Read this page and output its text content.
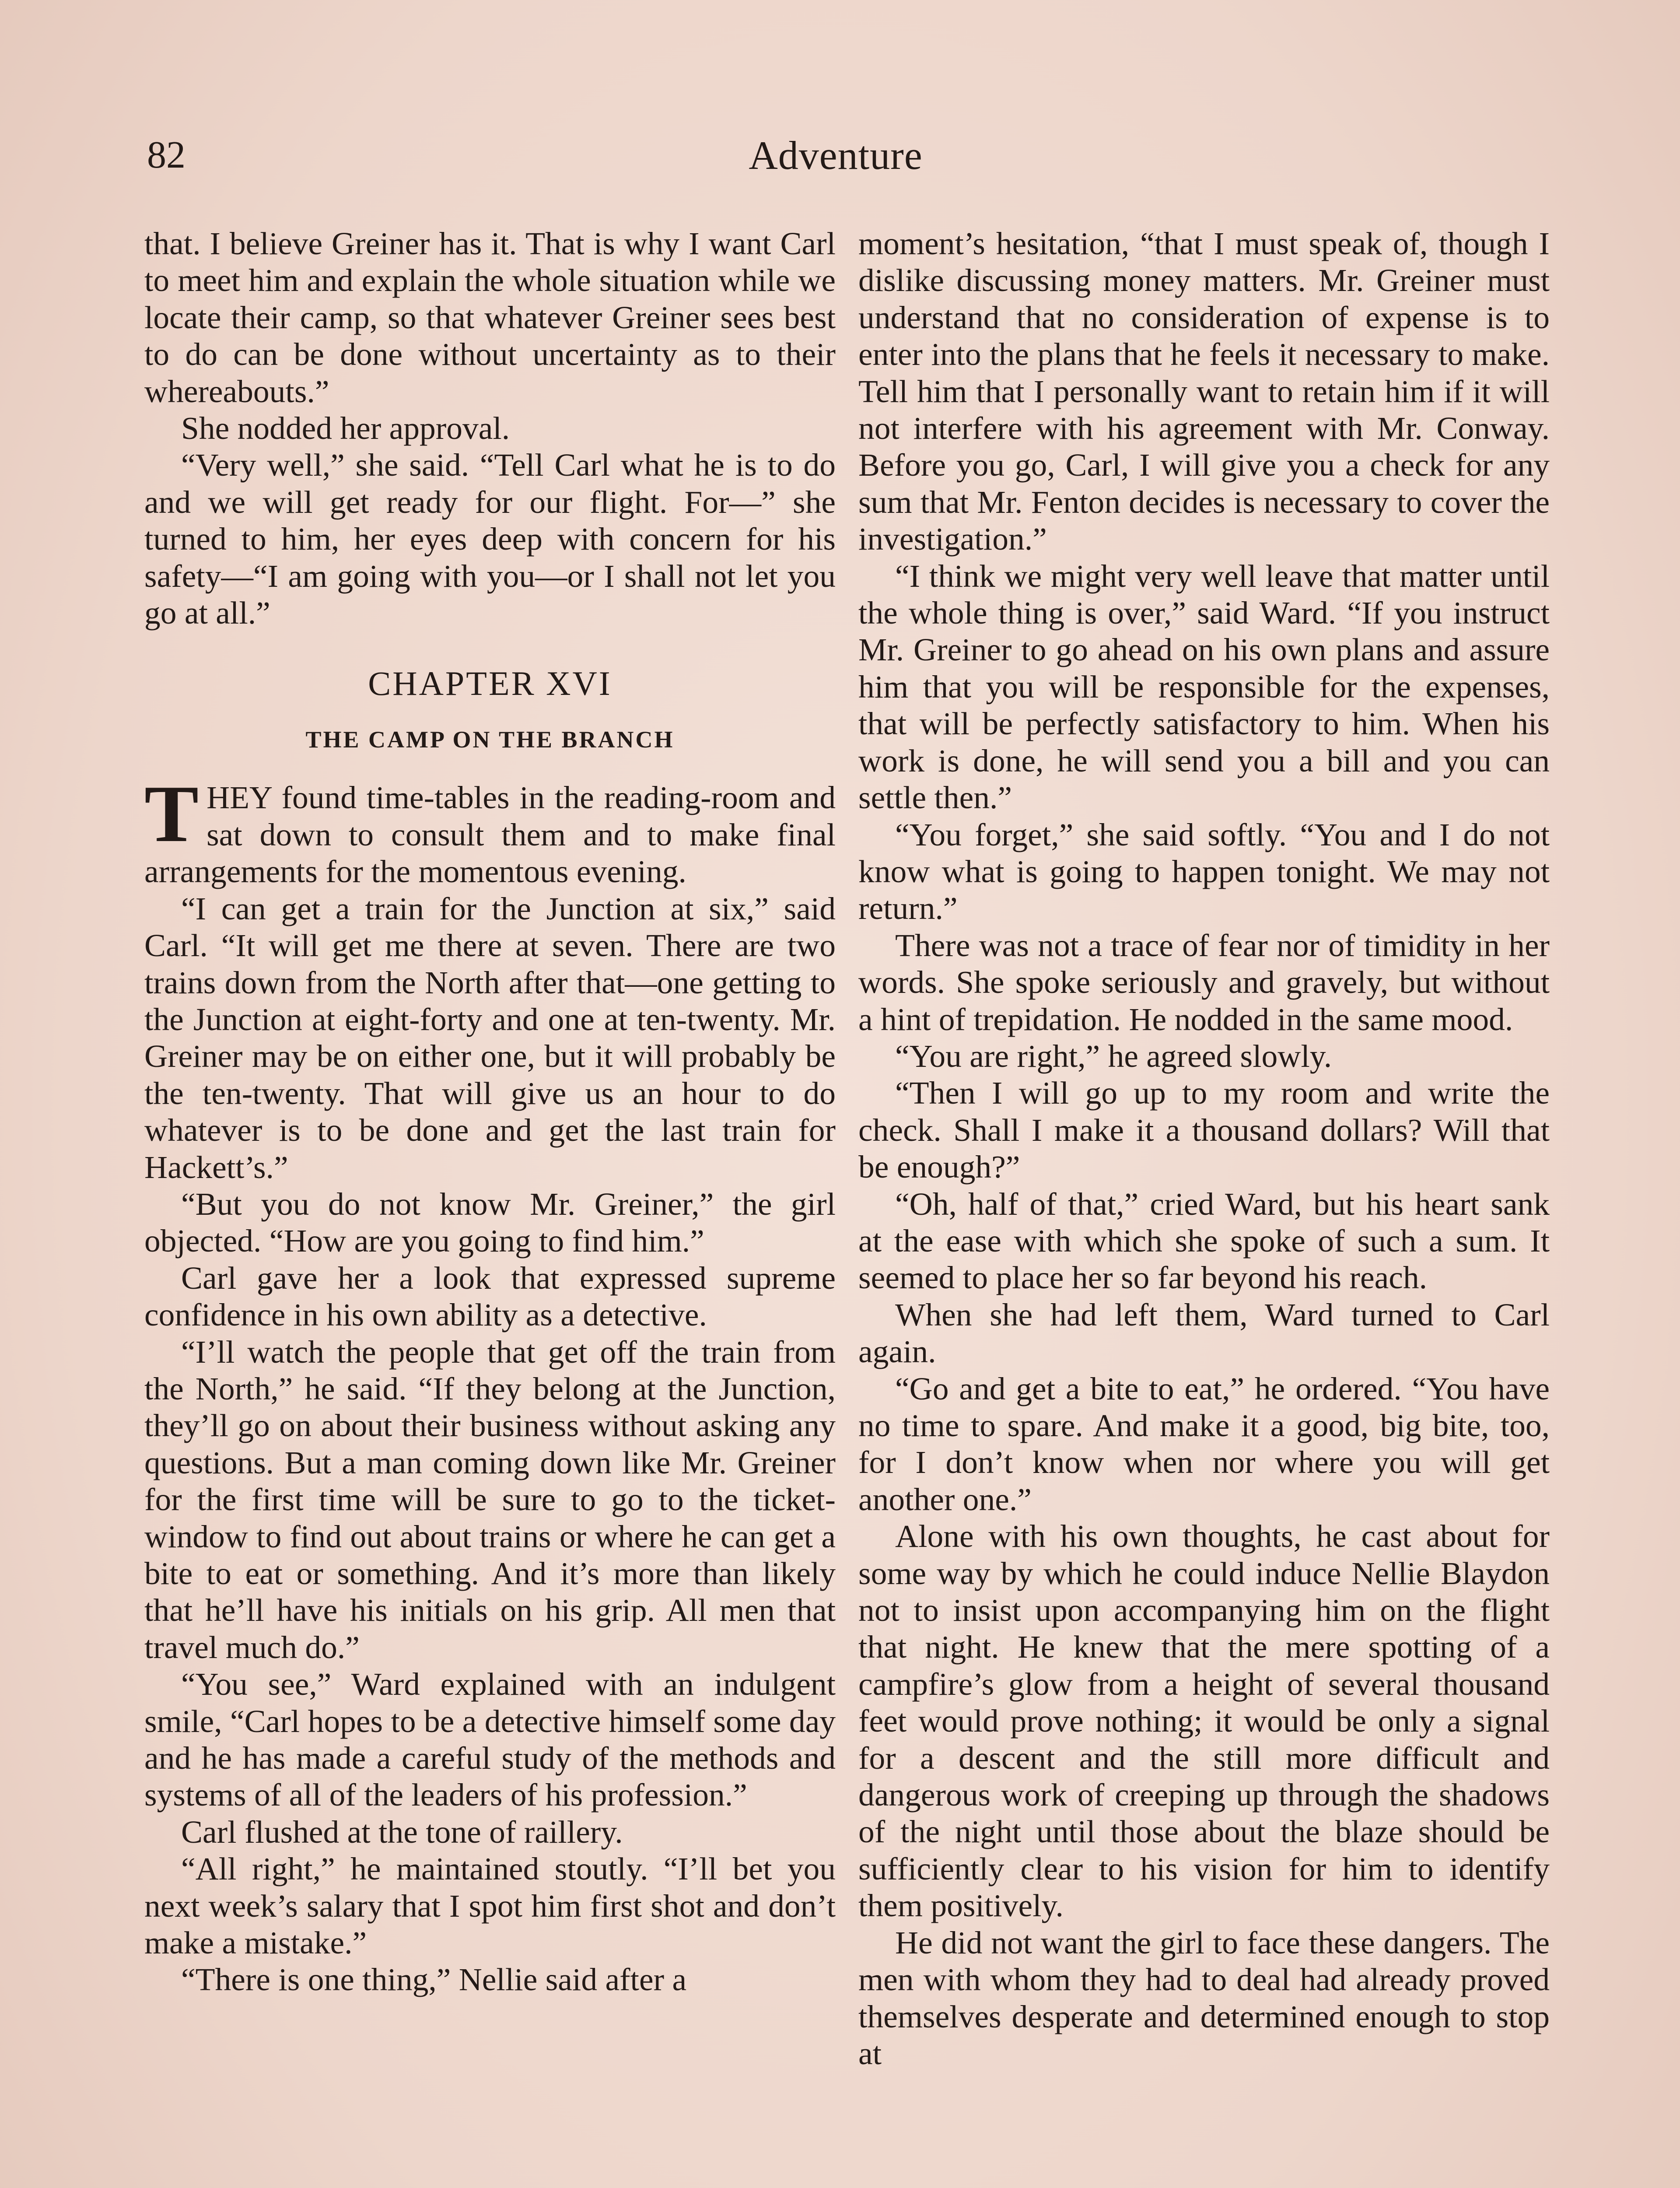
82	Adventure

that. I believe Greiner has it. That is why I want Carl to meet him and explain the whole situation while we locate their camp, so that whatever Greiner sees best to do can be done without uncertainty as to their whereabouts.”

She nodded her approval.

“Very well,” she said. “Tell Carl what he is to do and we will get ready for our flight. For—” she turned to him, her eyes deep with concern for his safety—“I am going with you—or I shall not let you go at all.”

CHAPTER XVI
THE CAMP ON THE BRANCH

THEY found time-tables in the reading-room and sat down to consult them and to make final arrangements for the momentous evening.

“I can get a train for the Junction at six,” said Carl. “It will get me there at seven. There are two trains down from the North after that—one getting to the Junction at eight-forty and one at ten-twenty. Mr. Greiner may be on either one, but it will probably be the ten-twenty. That will give us an hour to do whatever is to be done and get the last train for Hackett’s.”

“But you do not know Mr. Greiner,” the girl objected. “How are you going to find him.”

Carl gave her a look that expressed supreme confidence in his own ability as a detective.

“I’ll watch the people that get off the train from the North,” he said. “If they belong at the Junction, they’ll go on about their business without asking any questions. But a man coming down like Mr. Greiner for the first time will be sure to go to the ticket-window to find out about trains or where he can get a bite to eat or something. And it’s more than likely that he’ll have his initials on his grip. All men that travel much do.”

“You see,” Ward explained with an indulgent smile, “Carl hopes to be a detective himself some day and he has made a careful study of the methods and systems of all of the leaders of his profession.”

Carl flushed at the tone of raillery.

“All right,” he maintained stoutly. “I’ll bet you next week’s salary that I spot him first shot and don’t make a mistake.”

“There is one thing,” Nellie said after a

moment’s hesitation, “that I must speak of, though I dislike discussing money matters. Mr. Greiner must understand that no consideration of expense is to enter into the plans that he feels it necessary to make. Tell him that I personally want to retain him if it will not interfere with his agreement with Mr. Conway. Before you go, Carl, I will give you a check for any sum that Mr. Fenton decides is necessary to cover the investigation.”

“I think we might very well leave that matter until the whole thing is over,” said Ward. “If you instruct Mr. Greiner to go ahead on his own plans and assure him that you will be responsible for the expenses, that will be perfectly satisfactory to him. When his work is done, he will send you a bill and you can settle then.”

“You forget,” she said softly. “You and I do not know what is going to happen tonight. We may not return.”

There was not a trace of fear nor of timidity in her words. She spoke seriously and gravely, but without a hint of trepidation. He nodded in the same mood.

“You are right,” he agreed slowly.

“Then I will go up to my room and write the check. Shall I make it a thousand dollars? Will that be enough?”

“Oh, half of that,” cried Ward, but his heart sank at the ease with which she spoke of such a sum. It seemed to place her so far beyond his reach.

When she had left them, Ward turned to Carl again.

“Go and get a bite to eat,” he ordered. “You have no time to spare. And make it a good, big bite, too, for I don’t know when nor where you will get another one.”

Alone with his own thoughts, he cast about for some way by which he could induce Nellie Blaydon not to insist upon accompanying him on the flight that night. He knew that the mere spotting of a campfire’s glow from a height of several thousand feet would prove nothing; it would be only a signal for a descent and the still more difficult and dangerous work of creeping up through the shadows of the night until those about the blaze should be sufficiently clear to his vision for him to identify them positively.

He did not want the girl to face these dangers. The men with whom they had to deal had already proved themselves desperate and determined enough to stop at
